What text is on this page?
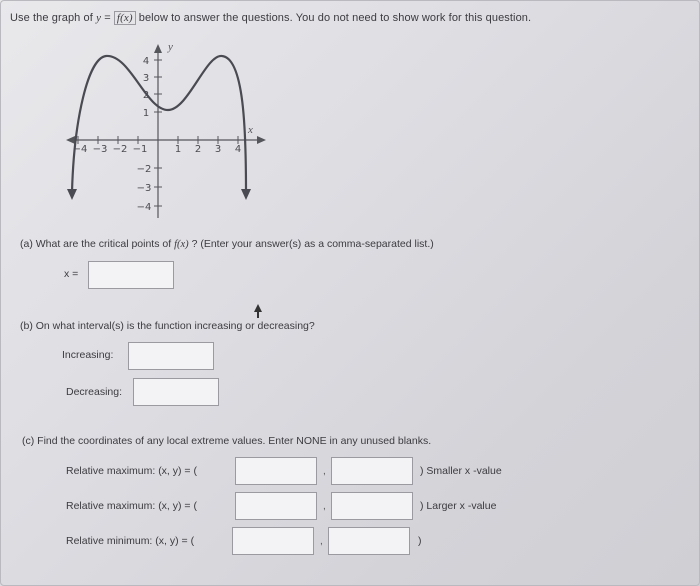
Use the graph of y = f(x) below to answer the questions. You do not need to show work for this question.
y
x
−4 −3 −2 −1	1 2 3 4
4
3
2
1
−2
−3
−4
(a) What are the critical points of f(x) ? (Enter your answer(s) as a comma-separated list.)
x =
(b) On what interval(s) is the function increasing or decreasing?
Increasing:
Decreasing:
(c) Find the coordinates of any local extreme values. Enter NONE in any unused blanks.
Relative maximum: (x, y) = (	,	) Smaller x -value
Relative maximum: (x, y) = (	,	) Larger x -value
Relative minimum: (x, y) = (	,	)
